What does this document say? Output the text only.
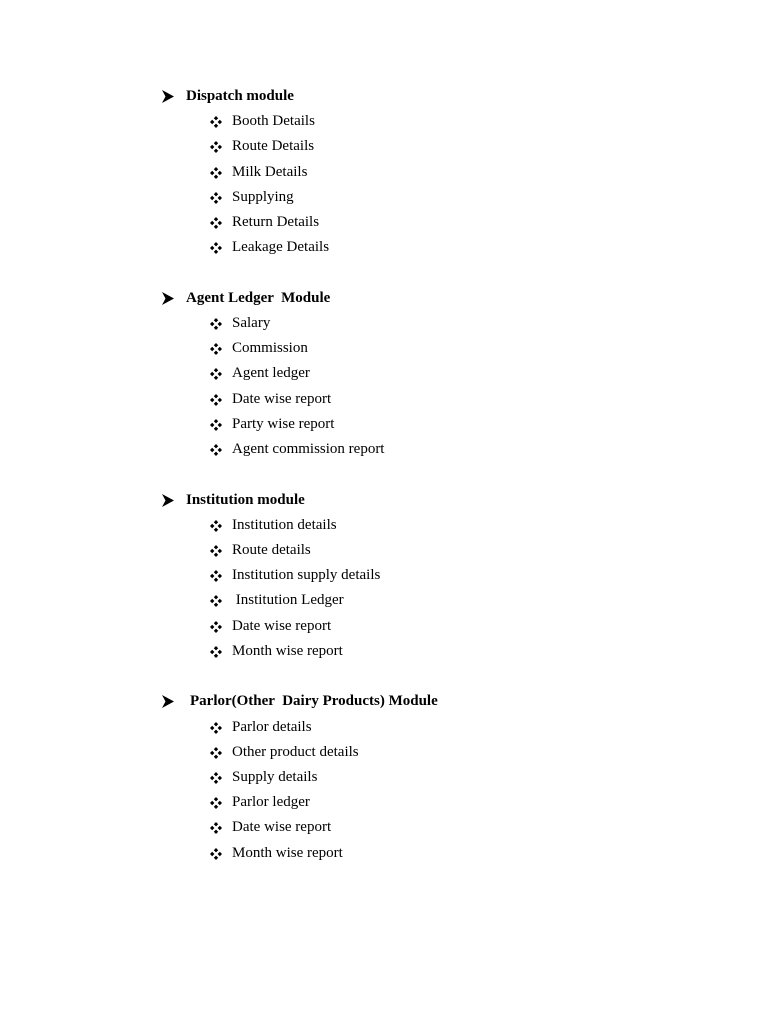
Dispatch module
Booth Details
Route Details
Milk Details
Supplying
Return Details
Leakage Details
Agent Ledger  Module
Salary
Commission
Agent ledger
Date wise report
Party wise report
Agent commission report
Institution module
Institution details
Route details
Institution supply details
Institution Ledger
Date wise report
Month wise report
Parlor(Other  Dairy Products) Module
Parlor details
Other product details
Supply details
Parlor ledger
Date wise report
Month wise report
